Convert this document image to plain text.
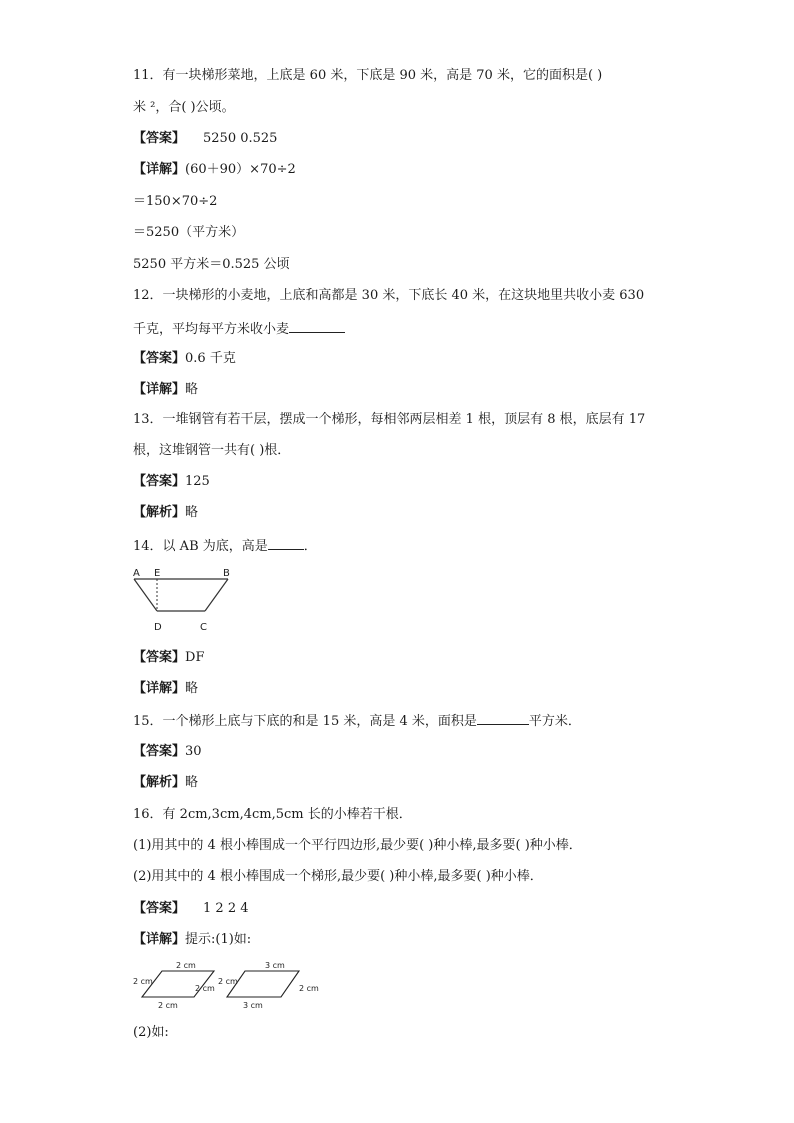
11．有一块梯形菜地，上底是 60 米，下底是 90 米，高是 70 米，它的面积是( )
米 ²，合( )公顷。
【答案】 5250 0.525
【详解】(60＋90）×70÷2
＝150×70÷2
＝5250（平方米）
5250 平方米＝0.525 公顷
12．一块梯形的小麦地，上底和高都是 30 米，下底长 40 米，在这块地里共收小麦 630
千克，平均每平方米收小麦
【答案】0.6 千克
【详解】略
13．一堆钢管有若干层，摆成一个梯形，每相邻两层相差 1 根，顶层有 8 根，底层有 17
根，这堆钢管一共有( )根．
【答案】125
【解析】略
14．以 AB 为底，高是	．
A E	B
D	C
【答案】DF
【详解】略
15．一个梯形上底与下底的和是 15 米，高是 4 米，面积是	平方米．
【答案】30
【解析】略
16．有 2cm,3cm,4cm,5cm 长的小棒若干根．
(1)用其中的 4 根小棒围成一个平行四边形,最少要( )种小棒,最多要( )种小棒．
(2)用其中的 4 根小棒围成一个梯形,最少要( )种小棒,最多要( )种小棒．
【答案】 1 2 2 4
【详解】提示:(1)如:
2 cm
2 cm
2 cm
2 cm
3 cm
2 cm
2 cm
3 cm
(2)如:
